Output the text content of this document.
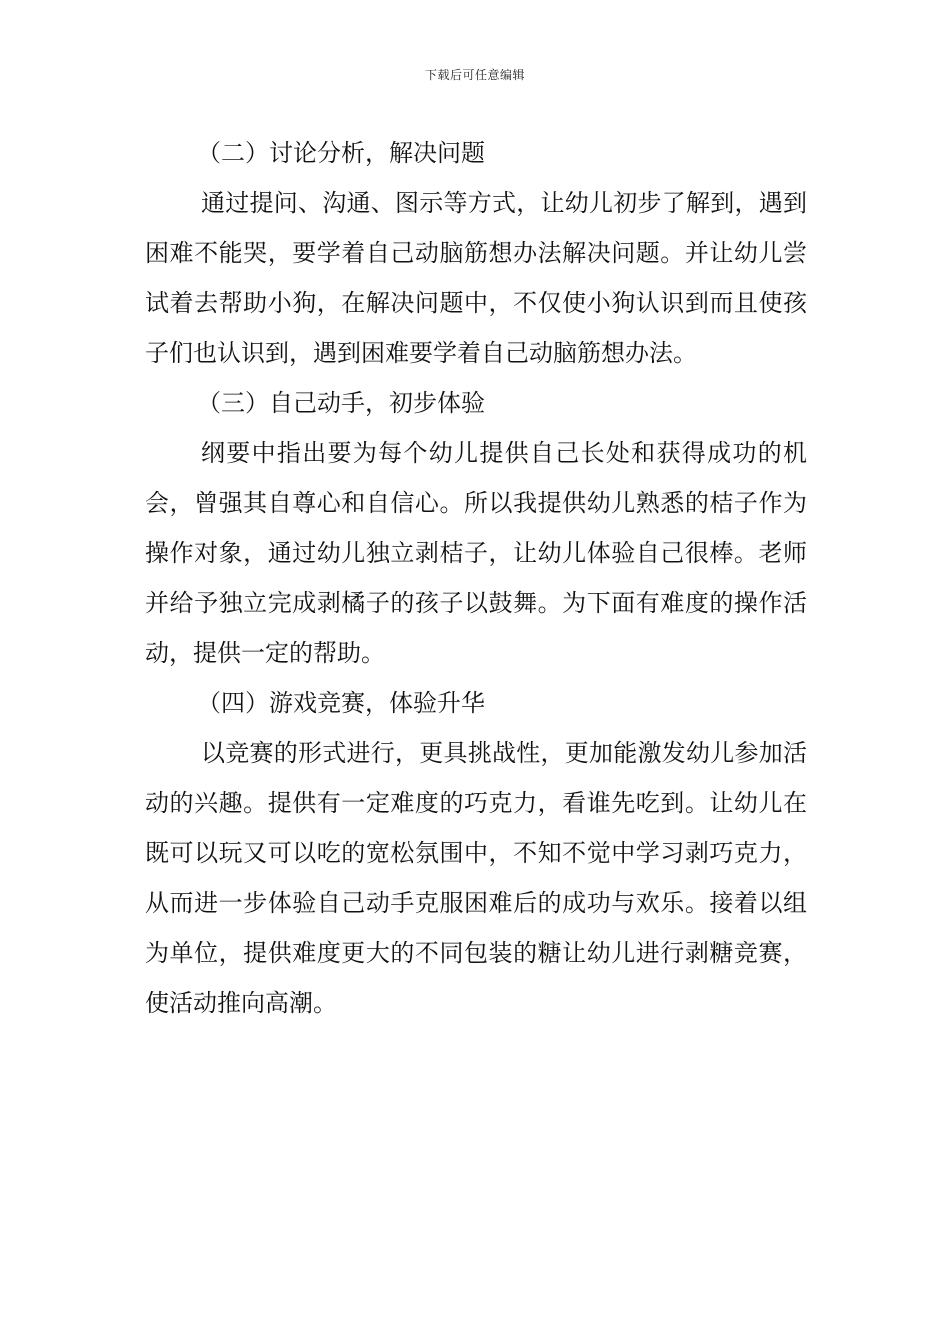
下载后可任意编辑
（二）讨论分析，解决问题

通过提问、沟通、图示等方式，让幼儿初步了解到，遇到困难不能哭，要学着自己动脑筋想办法解决问题。并让幼儿尝试着去帮助小狗，在解决问题中，不仅使小狗认识到而且使孩子们也认识到，遇到困难要学着自己动脑筋想办法。

（三）自己动手，初步体验

纲要中指出要为每个幼儿提供自己长处和获得成功的机会，曾强其自尊心和自信心。所以我提供幼儿熟悉的桔子作为操作对象，通过幼儿独立剥桔子，让幼儿体验自己很棒。老师并给予独立完成剥橘子的孩子以鼓舞。为下面有难度的操作活动，提供一定的帮助。

（四）游戏竞赛，体验升华

以竞赛的形式进行，更具挑战性，更加能激发幼儿参加活动的兴趣。提供有一定难度的巧克力，看谁先吃到。让幼儿在既可以玩又可以吃的宽松氛围中，不知不觉中学习剥巧克力，从而进一步体验自己动手克服困难后的成功与欢乐。接着以组为单位，提供难度更大的不同包装的糖让幼儿进行剥糖竞赛，使活动推向高潮。
